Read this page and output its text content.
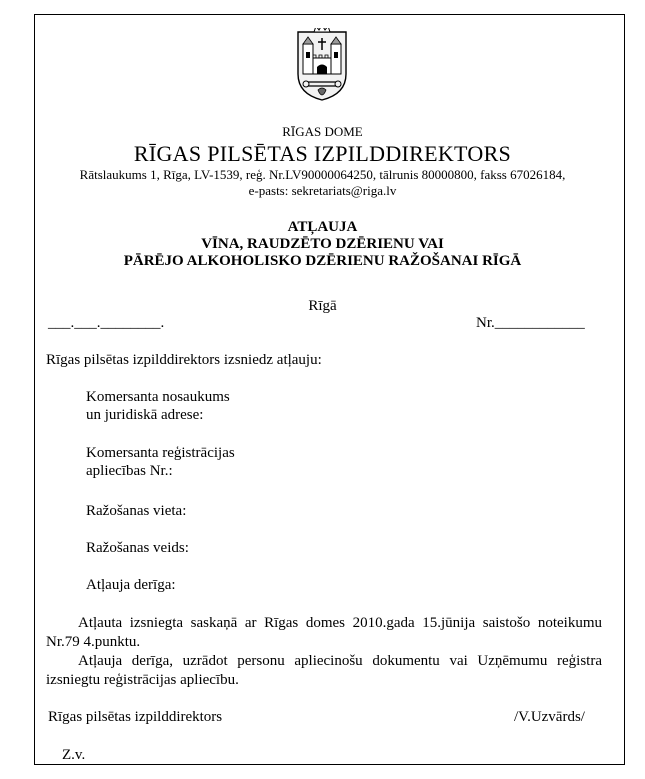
RĪGAS DOME
RĪGAS PILSĒTAS IZPILDDIREKTORS
Rātslaukums 1, Rīga, LV-1539, reģ. Nr.LV90000064250, tālrunis 80000800, fakss 67026184,
e-pasts: sekretariats@riga.lv
ATĻAUJA
VĪNA, RAUDZĒTO DZĒRIENU VAI
PĀRĒJO ALKOHOLISKO DZĒRIENU RAŽOŠANAI RĪGĀ
Rīgā
___.___.________.	Nr.____________
Rīgas pilsētas izpilddirektors izsniedz atļauju:
Komersanta nosaukums
un juridiskā adrese:
Komersanta reģistrācijas
apliecības Nr.:
Ražošanas vieta:
Ražošanas veids:
Atļauja derīga:
Atļauta izsniegta saskaņā ar Rīgas domes 2010.gada 15.jūnija saistošo noteikumu Nr.79 4.punktu.
Atļauja derīga, uzrādot personu apliecinošu dokumentu vai Uzņēmumu reģistra izsniegtu reģistrācijas apliecību.
Rīgas pilsētas izpilddirektors	/V.Uzvārds/
Z.v.
